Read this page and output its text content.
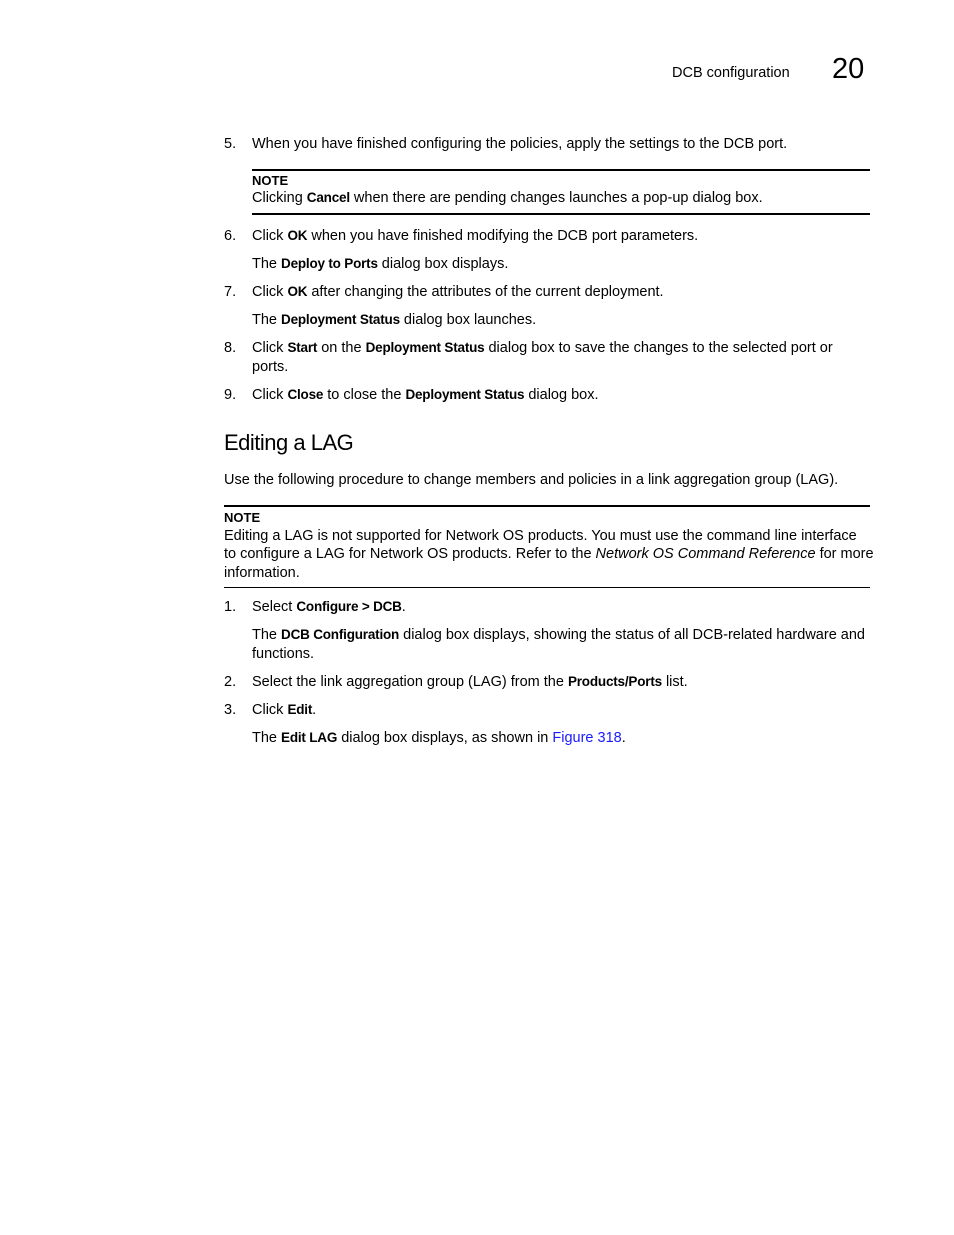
DCB configuration 20
5. When you have finished configuring the policies, apply the settings to the DCB port.
NOTE
Clicking Cancel when there are pending changes launches a pop-up dialog box.
6. Click OK when you have finished modifying the DCB port parameters.
The Deploy to Ports dialog box displays.
7. Click OK after changing the attributes of the current deployment.
The Deployment Status dialog box launches.
8. Click Start on the Deployment Status dialog box to save the changes to the selected port or
ports.
9. Click Close to close the Deployment Status dialog box.
Editing a LAG
Use the following procedure to change members and policies in a link aggregation group (LAG).
NOTE
Editing a LAG is not supported for Network OS products. You must use the command line interface
to configure a LAG for Network OS products. Refer to the Network OS Command Reference for more
information.
1. Select Configure > DCB.
The DCB Configuration dialog box displays, showing the status of all DCB-related hardware and
functions.
2. Select the link aggregation group (LAG) from the Products/Ports list.
3. Click Edit.
The Edit LAG dialog box displays, as shown in Figure 318.
